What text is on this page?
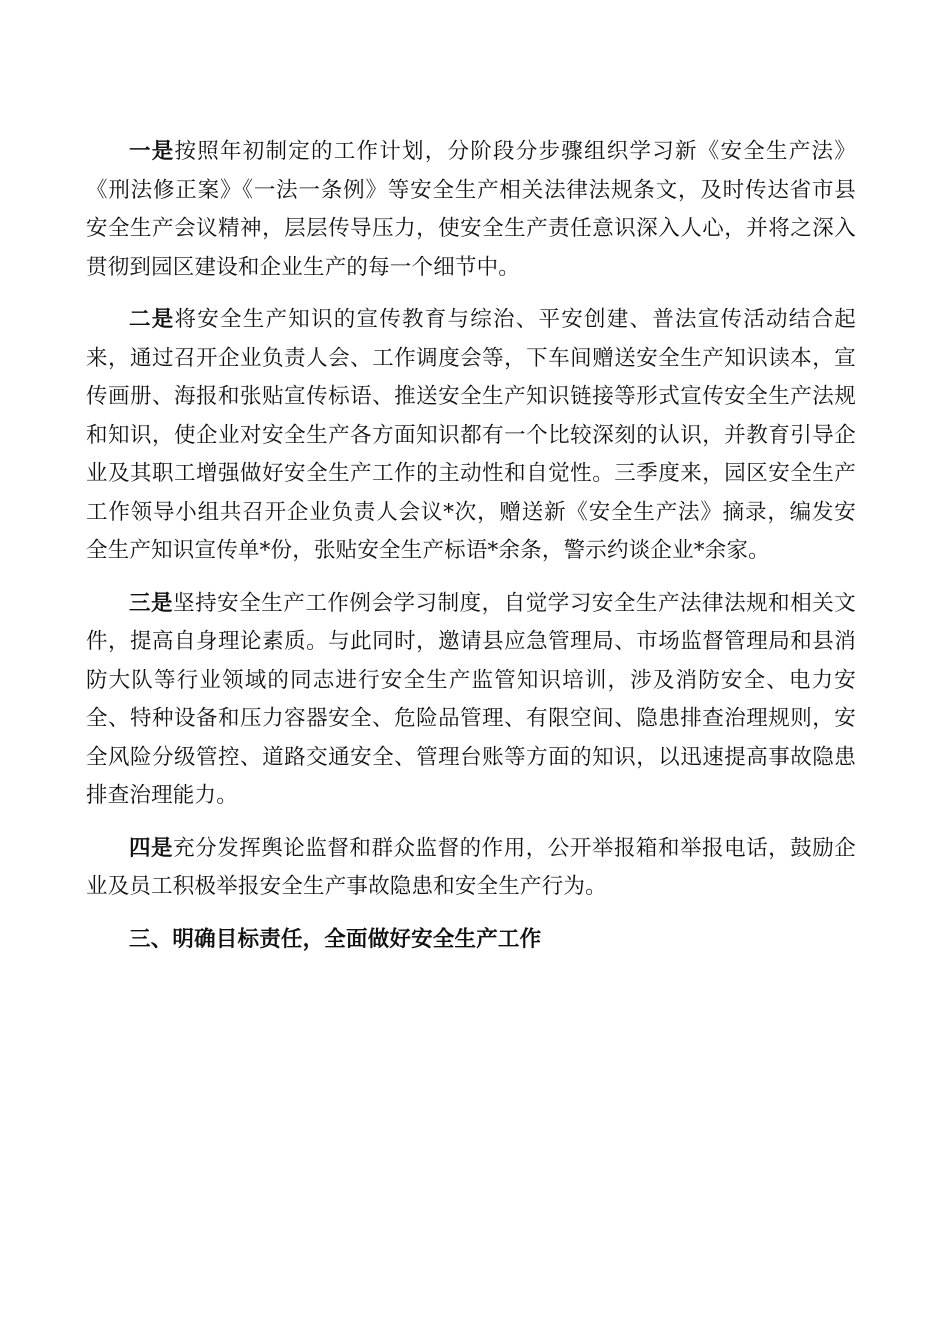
一是按照年初制定的工作计划，分阶段分步骤组织学习新《安全生产法》《刑法修正案》《一法一条例》等安全生产相关法律法规条文，及时传达省市县安全生产会议精神，层层传导压力，使安全生产责任意识深入人心，并将之深入贯彻到园区建设和企业生产的每一个细节中。

二是将安全生产知识的宣传教育与综治、平安创建、普法宣传活动结合起来，通过召开企业负责人会、工作调度会等，下车间赠送安全生产知识读本，宣传画册、海报和张贴宣传标语、推送安全生产知识链接等形式宣传安全生产法规和知识，使企业对安全生产各方面知识都有一个比较深刻的认识，并教育引导企业及其职工增强做好安全生产工作的主动性和自觉性。三季度来，园区安全生产工作领导小组共召开企业负责人会议*次，赠送新《安全生产法》摘录，编发安全生产知识宣传单*份，张贴安全生产标语*余条，警示约谈企业*余家。

三是坚持安全生产工作例会学习制度，自觉学习安全生产法律法规和相关文件，提高自身理论素质。与此同时，邀请县应急管理局、市场监督管理局和县消防大队等行业领域的同志进行安全生产监管知识培训，涉及消防安全、电力安全、特种设备和压力容器安全、危险品管理、有限空间、隐患排查治理规则，安全风险分级管控、道路交通安全、管理台账等方面的知识，以迅速提高事故隐患排查治理能力。

四是充分发挥舆论监督和群众监督的作用，公开举报箱和举报电话，鼓励企业及员工积极举报安全生产事故隐患和安全生产行为。

三、明确目标责任，全面做好安全生产工作
